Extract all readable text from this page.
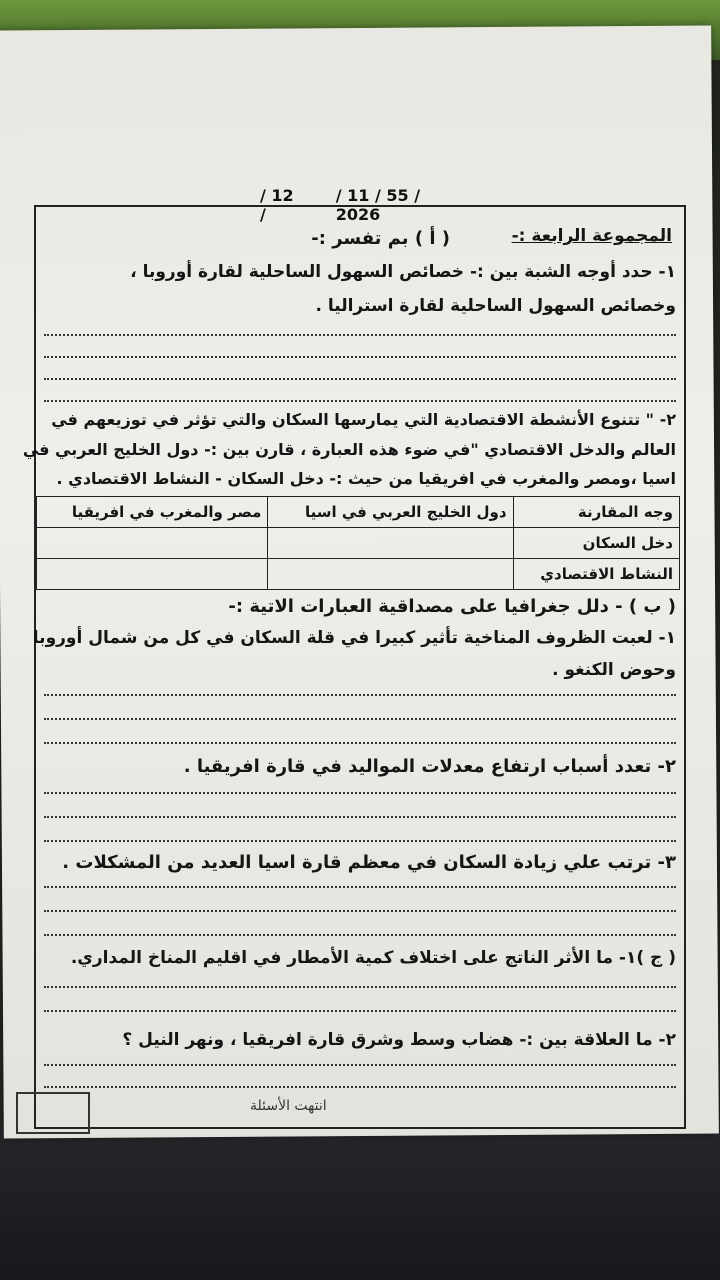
/ 12 /
/ 11 / 55 / 2026
المجموعة الرابعة :-
( أ ) بم تفسر :-
١- حدد أوجه الشبة بين :- خصائص السهول الساحلية لقارة أوروبا ،
وخصائص السهول الساحلية لقارة استراليا .
٢- " تتنوع الأنشطة الاقتصادية التي يمارسها السكان والتي تؤثر في توزيعهم في
العالم والدخل الاقتصادي "في ضوء هذه العبارة ، قارن بين :- دول الخليج العربي في
اسيا ،ومصر والمغرب في افريقيا من حيث :- دخل السكان - النشاط الاقتصادي .
وجه المقارنة	دول الخليج العربي في اسيا	مصر والمغرب في افريقيا
دخل السكان		
النشاط الاقتصادي		
( ب ) - دلل جغرافيا على مصداقية العبارات الاتية :-
١- لعبت الظروف المناخية تأثير كبيرا في قلة السكان في كل من شمال أوروبا
وحوض الكنغو .
٢- تعدد أسباب ارتفاع معدلات المواليد في قارة افريقيا .
٣- ترتب علي زيادة السكان في معظم قارة اسيا العديد من المشكلات .
( ج )١- ما الأثر الناتج على اختلاف كمية الأمطار في اقليم المناخ المداري.
٢- ما العلاقة بين :- هضاب وسط وشرق قارة افريقيا ، ونهر النيل ؟
انتهت الأسئلة
